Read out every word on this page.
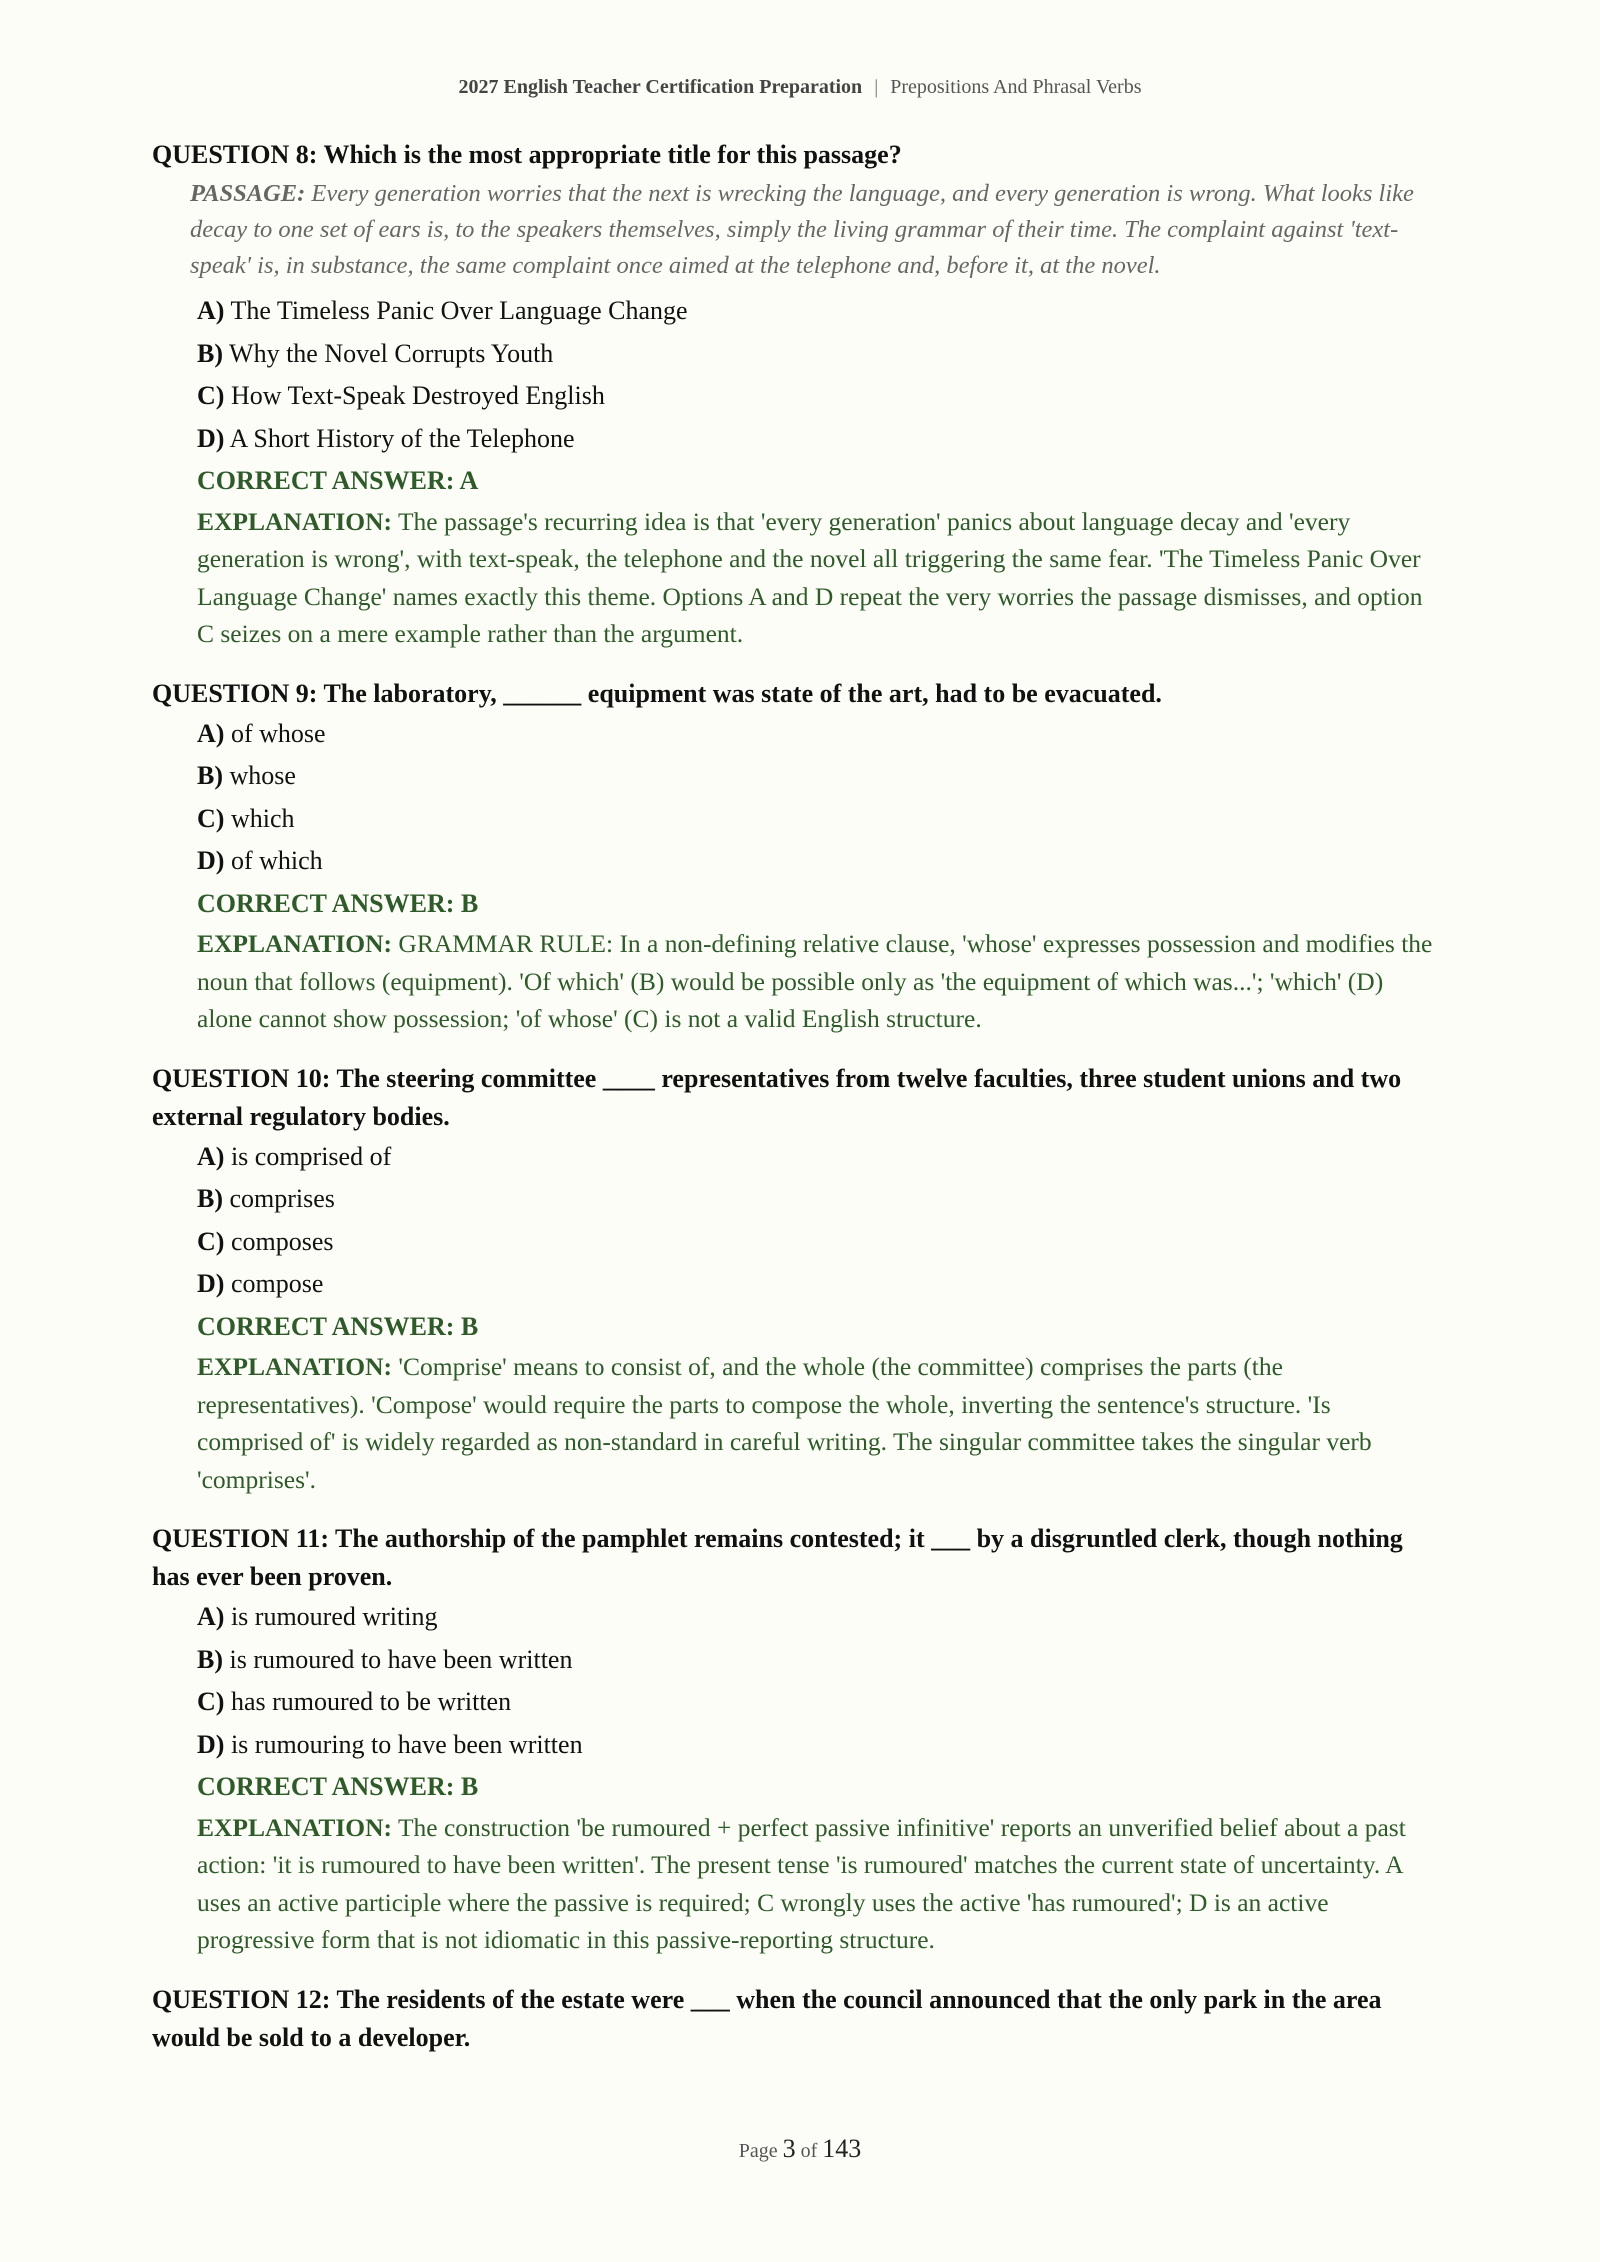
2027 English Teacher Certification Preparation | Prepositions And Phrasal Verbs
QUESTION 8: Which is the most appropriate title for this passage?
PASSAGE: Every generation worries that the next is wrecking the language, and every generation is wrong. What looks like decay to one set of ears is, to the speakers themselves, simply the living grammar of their time. The complaint against 'text-speak' is, in substance, the same complaint once aimed at the telephone and, before it, at the novel.
A) The Timeless Panic Over Language Change
B) Why the Novel Corrupts Youth
C) How Text-Speak Destroyed English
D) A Short History of the Telephone
CORRECT ANSWER: A
EXPLANATION: The passage's recurring idea is that 'every generation' panics about language decay and 'every generation is wrong', with text-speak, the telephone and the novel all triggering the same fear. 'The Timeless Panic Over Language Change' names exactly this theme. Options A and D repeat the very worries the passage dismisses, and option C seizes on a mere example rather than the argument.
QUESTION 9: The laboratory, ______ equipment was state of the art, had to be evacuated.
A) of whose
B) whose
C) which
D) of which
CORRECT ANSWER: B
EXPLANATION: GRAMMAR RULE: In a non-defining relative clause, 'whose' expresses possession and modifies the noun that follows (equipment). 'Of which' (B) would be possible only as 'the equipment of which was...'; 'which' (D) alone cannot show possession; 'of whose' (C) is not a valid English structure.
QUESTION 10: The steering committee ____ representatives from twelve faculties, three student unions and two external regulatory bodies.
A) is comprised of
B) comprises
C) composes
D) compose
CORRECT ANSWER: B
EXPLANATION: 'Comprise' means to consist of, and the whole (the committee) comprises the parts (the representatives). 'Compose' would require the parts to compose the whole, inverting the sentence's structure. 'Is comprised of' is widely regarded as non-standard in careful writing. The singular committee takes the singular verb 'comprises'.
QUESTION 11: The authorship of the pamphlet remains contested; it ___ by a disgruntled clerk, though nothing has ever been proven.
A) is rumoured writing
B) is rumoured to have been written
C) has rumoured to be written
D) is rumouring to have been written
CORRECT ANSWER: B
EXPLANATION: The construction 'be rumoured + perfect passive infinitive' reports an unverified belief about a past action: 'it is rumoured to have been written'. The present tense 'is rumoured' matches the current state of uncertainty. A uses an active participle where the passive is required; C wrongly uses the active 'has rumoured'; D is an active progressive form that is not idiomatic in this passive-reporting structure.
QUESTION 12: The residents of the estate were ___ when the council announced that the only park in the area would be sold to a developer.
Page 3 of 143
